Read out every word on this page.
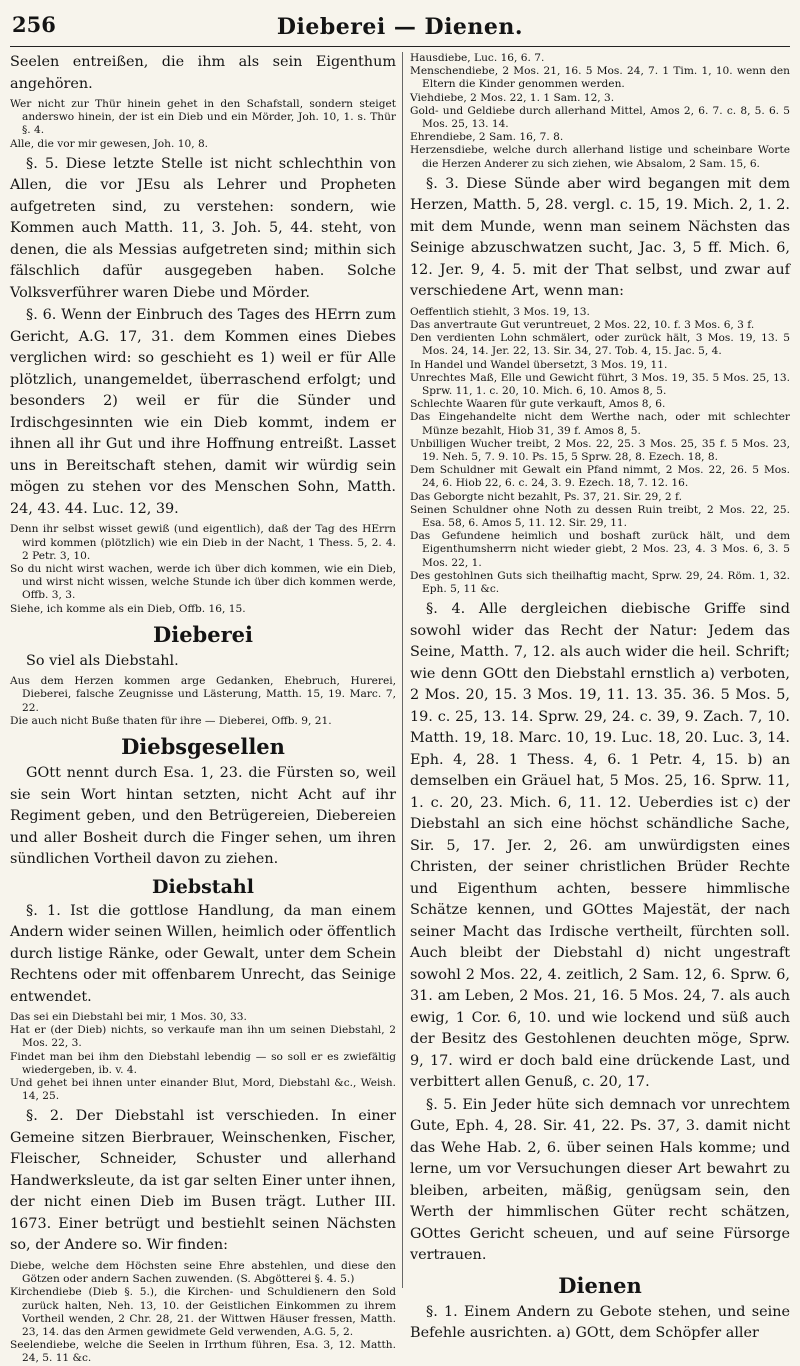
256	Dieberei — Dienen.

Seelen entreißen, die ihm als sein Eigenthum angehören.

Wer nicht zur Thür hinein gehet in den Schafstall, sondern steiget anderswo hinein, der ist ein Dieb und ein Mörder, Joh. 10, 1. s. Thür §. 4.

Alle, die vor mir gewesen, Joh. 10, 8.

§. 5. Diese letzte Stelle ist nicht schlechthin von Allen, die vor JEsu als Lehrer und Propheten aufgetreten sind, zu verstehen: sondern, wie Kommen auch Matth. 11, 3. Joh. 5, 44. steht, von denen, die als Messias aufgetreten sind; mithin sich fälschlich dafür ausgegeben haben. Solche Volksverführer waren Diebe und Mörder.

§. 6. Wenn der Einbruch des Tages des HErrn zum Gericht, A.G. 17, 31. dem Kommen eines Diebes verglichen wird: so geschieht es 1) weil er für Alle plötzlich, unangemeldet, überraschend erfolgt; und besonders 2) weil er für die Sünder und Irdischgesinnten wie ein Dieb kommt, indem er ihnen all ihr Gut und ihre Hoffnung entreißt. Lasset uns in Bereitschaft stehen, damit wir würdig sein mögen zu stehen vor des Menschen Sohn, Matth. 24, 43. 44. Luc. 12, 39.

Denn ihr selbst wisset gewiß (und eigentlich), daß der Tag des HErrn wird kommen (plötzlich) wie ein Dieb in der Nacht, 1 Thess. 5, 2. 4. 2 Petr. 3, 10.

So du nicht wirst wachen, werde ich über dich kommen, wie ein Dieb, und wirst nicht wissen, welche Stunde ich über dich kommen werde, Offb. 3, 3.

Siehe, ich komme als ein Dieb, Offb. 16, 15.

Dieberei

So viel als Diebstahl.

Aus dem Herzen kommen arge Gedanken, Ehebruch, Hurerei, Dieberei, falsche Zeugnisse und Lästerung, Matth. 15, 19. Marc. 7, 22.

Die auch nicht Buße thaten für ihre — Dieberei, Offb. 9, 21.

Diebsgesellen

GOtt nennt durch Esa. 1, 23. die Fürsten so, weil sie sein Wort hintan setzten, nicht Acht auf ihr Regiment geben, und den Betrügereien, Diebereien und aller Bosheit durch die Finger sehen, um ihren sündlichen Vortheil davon zu ziehen.

Diebstahl

§. 1. Ist die gottlose Handlung, da man einem Andern wider seinen Willen, heimlich oder öffentlich durch listige Ränke, oder Gewalt, unter dem Schein Rechtens oder mit offenbarem Unrecht, das Seinige entwendet.

Das sei ein Diebstahl bei mir, 1 Mos. 30, 33.

Hat er (der Dieb) nichts, so verkaufe man ihn um seinen Diebstahl, 2 Mos. 22, 3.

Findet man bei ihm den Diebstahl lebendig — so soll er es zwiefältig wiedergeben, ib. v. 4.

Und gehet bei ihnen unter einander Blut, Mord, Diebstahl &c., Weish. 14, 25.

§. 2. Der Diebstahl ist verschieden. In einer Gemeine sitzen Bierbrauer, Weinschenken, Fischer, Fleischer, Schneider, Schuster und allerhand Handwerksleute, da ist gar selten Einer unter ihnen, der nicht einen Dieb im Busen trägt. Luther III. 1673. Einer betrügt und bestiehlt seinen Nächsten so, der Andere so. Wir finden:

Diebe, welche dem Höchsten seine Ehre abstehlen, und diese den Götzen oder andern Sachen zuwenden. (S. Abgötterei §. 4. 5.)

Kirchendiebe (Dieb §. 5.), die Kirchen- und Schuldienern den Sold zurück halten, Neh. 13, 10. der Geistlichen Einkommen zu ihrem Vortheil wenden, 2 Chr. 28, 21. der Wittwen Häuser fressen, Matth. 23, 14. das den Armen gewidmete Geld verwenden, A.G. 5, 2.

Seelendiebe, welche die Seelen in Irrthum führen, Esa. 3, 12. Matth. 24, 5. 11 &c.

Hausdiebe, Luc. 16, 6. 7.

Menschendiebe, 2 Mos. 21, 16. 5 Mos. 24, 7. 1 Tim. 1, 10. wenn den Eltern die Kinder genommen werden.

Viehdiebe, 2 Mos. 22, 1. 1 Sam. 12, 3.

Gold- und Geldiebe durch allerhand Mittel, Amos 2, 6. 7. c. 8, 5. 6. 5 Mos. 25, 13. 14.

Ehrendiebe, 2 Sam. 16, 7. 8.

Herzensdiebe, welche durch allerhand listige und scheinbare Worte die Herzen Anderer zu sich ziehen, wie Absalom, 2 Sam. 15, 6.

§. 3. Diese Sünde aber wird begangen mit dem Herzen, Matth. 5, 28. vergl. c. 15, 19. Mich. 2, 1. 2. mit dem Munde, wenn man seinem Nächsten das Seinige abzuschwatzen sucht, Jac. 3, 5 ff. Mich. 6, 12. Jer. 9, 4. 5. mit der That selbst, und zwar auf verschiedene Art, wenn man:

Oeffentlich stiehlt, 3 Mos. 19, 13.

Das anvertraute Gut veruntreuet, 2 Mos. 22, 10. f. 3 Mos. 6, 3 f.

Den verdienten Lohn schmälert, oder zurück hält, 3 Mos. 19, 13. 5 Mos. 24, 14. Jer. 22, 13. Sir. 34, 27. Tob. 4, 15. Jac. 5, 4.

In Handel und Wandel übersetzt, 3 Mos. 19, 11.

Unrechtes Maß, Elle und Gewicht führt, 3 Mos. 19, 35. 5 Mos. 25, 13. Sprw. 11, 1. c. 20, 10. Mich. 6, 10. Amos 8, 5.

Schlechte Waaren für gute verkauft, Amos 8, 6.

Das Eingehandelte nicht dem Werthe nach, oder mit schlechter Münze bezahlt, Hiob 31, 39 f. Amos 8, 5.

Unbilligen Wucher treibt, 2 Mos. 22, 25. 3 Mos. 25, 35 f. 5 Mos. 23, 19. Neh. 5, 7. 9. 10. Ps. 15, 5 Sprw. 28, 8. Ezech. 18, 8.

Dem Schuldner mit Gewalt ein Pfand nimmt, 2 Mos. 22, 26. 5 Mos. 24, 6. Hiob 22, 6. c. 24, 3. 9. Ezech. 18, 7. 12. 16.

Das Geborgte nicht bezahlt, Ps. 37, 21. Sir. 29, 2 f.

Seinen Schuldner ohne Noth zu dessen Ruin treibt, 2 Mos. 22, 25. Esa. 58, 6. Amos 5, 11. 12. Sir. 29, 11.

Das Gefundene heimlich und boshaft zurück hält, und dem Eigenthumsherrn nicht wieder giebt, 2 Mos. 23, 4. 3 Mos. 6, 3. 5 Mos. 22, 1.

Des gestohlnen Guts sich theilhaftig macht, Sprw. 29, 24. Röm. 1, 32. Eph. 5, 11 &c.

§. 4. Alle dergleichen diebische Griffe sind sowohl wider das Recht der Natur: Jedem das Seine, Matth. 7, 12. als auch wider die heil. Schrift; wie denn GOtt den Diebstahl ernstlich a) verboten, 2 Mos. 20, 15. 3 Mos. 19, 11. 13. 35. 36. 5 Mos. 5, 19. c. 25, 13. 14. Sprw. 29, 24. c. 39, 9. Zach. 7, 10. Matth. 19, 18. Marc. 10, 19. Luc. 18, 20. Luc. 3, 14. Eph. 4, 28. 1 Thess. 4, 6. 1 Petr. 4, 15. b) an demselben ein Gräuel hat, 5 Mos. 25, 16. Sprw. 11, 1. c. 20, 23. Mich. 6, 11. 12. Ueberdies ist c) der Diebstahl an sich eine höchst schändliche Sache, Sir. 5, 17. Jer. 2, 26. am unwürdigsten eines Christen, der seiner christlichen Brüder Rechte und Eigenthum achten, bessere himmlische Schätze kennen, und GOttes Majestät, der nach seiner Macht das Irdische vertheilt, fürchten soll. Auch bleibt der Diebstahl d) nicht ungestraft sowohl 2 Mos. 22, 4. zeitlich, 2 Sam. 12, 6. Sprw. 6, 31. am Leben, 2 Mos. 21, 16. 5 Mos. 24, 7. als auch ewig, 1 Cor. 6, 10. und wie lockend und süß auch der Besitz des Gestohlenen deuchten möge, Sprw. 9, 17. wird er doch bald eine drückende Last, und verbittert allen Genuß, c. 20, 17.

§. 5. Ein Jeder hüte sich demnach vor unrechtem Gute, Eph. 4, 28. Sir. 41, 22. Ps. 37, 3. damit nicht das Wehe Hab. 2, 6. über seinen Hals komme; und lerne, um vor Versuchungen dieser Art bewahrt zu bleiben, arbeiten, mäßig, genügsam sein, den Werth der himmlischen Güter recht schätzen, GOttes Gericht scheuen, und auf seine Fürsorge vertrauen.

Dienen

§. 1. Einem Andern zu Gebote stehen, und seine Befehle ausrichten. a) GOtt, dem Schöpfer aller
